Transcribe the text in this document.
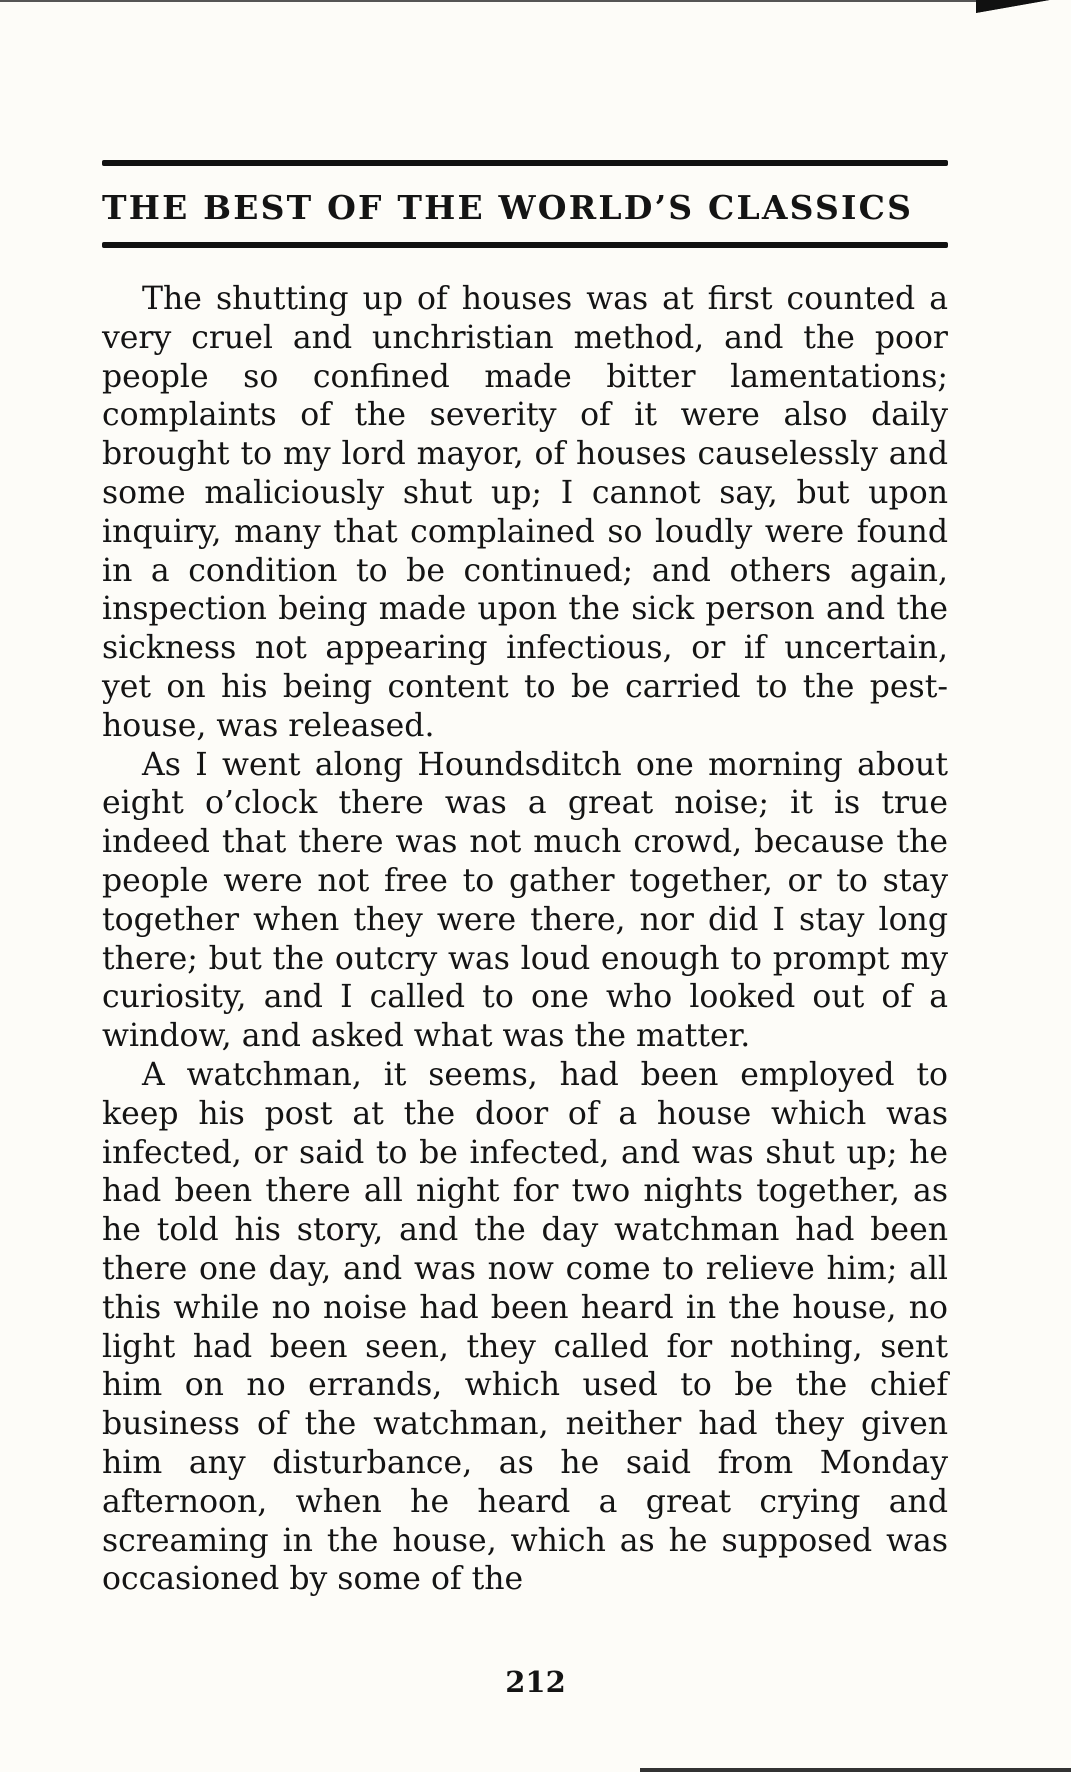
THE BEST OF THE WORLD’S CLASSICS

The shutting up of houses was at first counted a very cruel and unchristian method, and the poor people so confined made bitter lamentations; complaints of the severity of it were also daily brought to my lord mayor, of houses causelessly and some maliciously shut up; I cannot say, but upon inquiry, many that complained so loudly were found in a condition to be continued; and others again, inspection being made upon the sick person and the sickness not appearing infectious, or if uncertain, yet on his being content to be carried to the pest-house, was released.

As I went along Houndsditch one morning about eight o’clock there was a great noise; it is true indeed that there was not much crowd, because the people were not free to gather together, or to stay together when they were there, nor did I stay long there; but the outcry was loud enough to prompt my curiosity, and I called to one who looked out of a window, and asked what was the matter.

A watchman, it seems, had been employed to keep his post at the door of a house which was infected, or said to be infected, and was shut up; he had been there all night for two nights together, as he told his story, and the day watchman had been there one day, and was now come to relieve him; all this while no noise had been heard in the house, no light had been seen, they called for nothing, sent him on no errands, which used to be the chief business of the watchman, neither had they given him any disturbance, as he said from Monday afternoon, when he heard a great crying and screaming in the house, which as he supposed was occasioned by some of the

212
